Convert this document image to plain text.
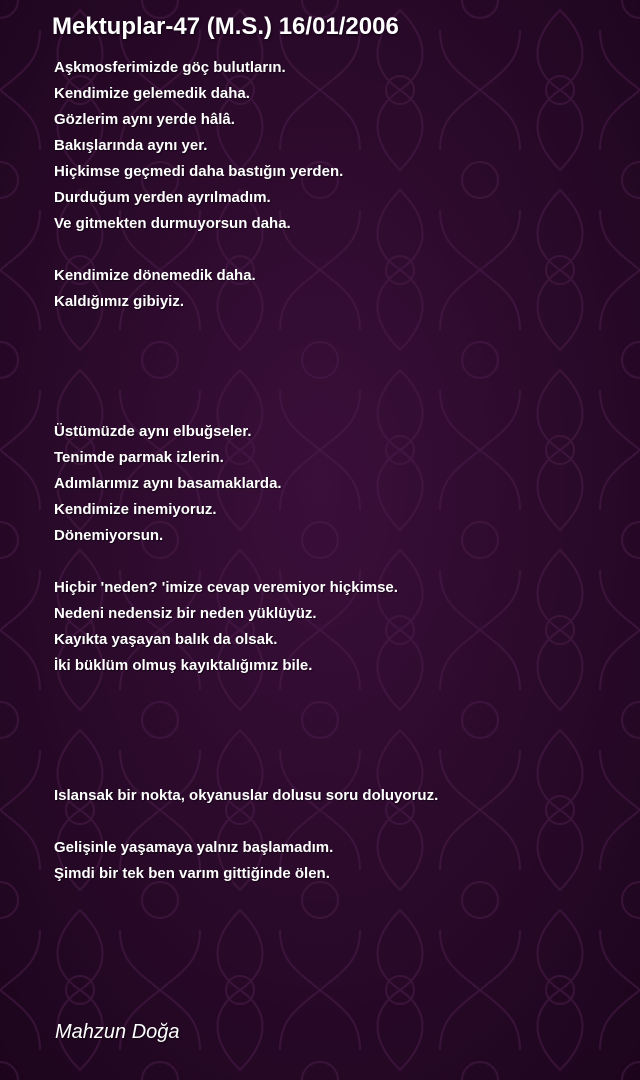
Mektuplar-47 (M.S.) 16/01/2006
Aşkmosferimizde göç bulutların.
Kendimize gelemedik daha.
Gözlerim aynı yerde hâlâ.
Bakışlarında aynı yer.
Hiçkimse geçmedi daha bastığın yerden.
Durduğum yerden ayrılmadım.
Ve gitmekten durmuyorsun daha.
Kendimize dönemedik daha.
Kaldığımız gibiyiz.
Üstümüzde aynı elbuğseler.
Tenimde parmak izlerin.
Adımlarımız aynı basamaklarda.
Kendimize inemiyoruz.
Dönemiyorsun.
Hiçbir 'neden? 'imize cevap veremiyor hiçkimse.
Nedeni nedensiz bir neden yüklüyüz.
Kayıkta yaşayan balık da olsak.
İki büklüm olmuş kayıktalığımız bile.
Islansak bir nokta, okyanuslar dolusu soru doluyoruz.
Gelişinle yaşamaya yalnız başlamadım.
Şimdi bir tek ben varım gittiğinde ölen.
Mahzun Doğa
